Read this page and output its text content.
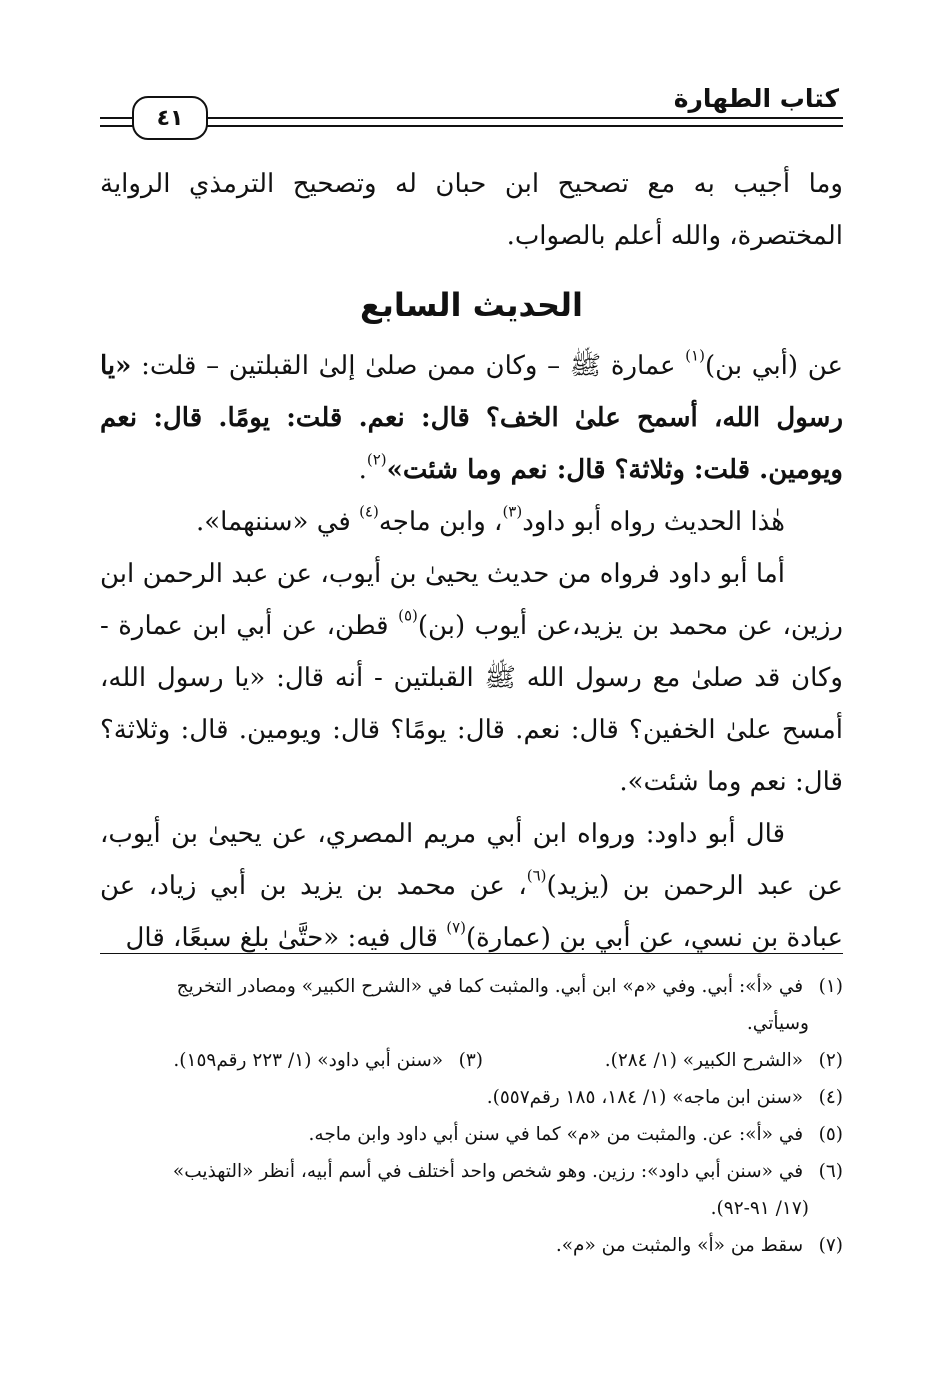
كتاب الطهارة
٤١

وما أجيب به مع تصحيح ابن حبان له وتصحيح الترمذي الرواية المختصرة، والله أعلم بالصواب.

الحديث السابع

عن (أبي بن)$^{(١)}$ عمارة ﷺ – وكان ممن صلىٰ إلىٰ القبلتين – قلت: «يا رسول الله، أسمح علىٰ الخف؟ قال: نعم. قلت: يومًا. قال: نعم ويومين. قلت: وثلاثة؟ قال: نعم وما شئت»$^{(٢)}$.

هٰذا الحديث رواه أبو داود$^{(٣)}$، وابن ماجه$^{(٤)}$ في «سننهما».

أما أبو داود فرواه من حديث يحيىٰ بن أيوب، عن عبد الرحمن ابن رزين، عن محمد بن يزيد،عن أيوب (بن)$^{(٥)}$ قطن، عن أبي ابن عمارة - وكان قد صلىٰ مع رسول الله ﷺ القبلتين - أنه قال: «يا رسول الله، أمسح علىٰ الخفين؟ قال: نعم. قال: يومًا؟ قال: ويومين. قال: وثلاثة؟ قال: نعم وما شئت».

قال أبو داود: ورواه ابن أبي مريم المصري، عن يحيىٰ بن أيوب، عن عبد الرحمن بن (يزيد)$^{(٦)}$، عن محمد بن يزيد بن أبي زياد، عن عبادة بن نسي، عن أبي بن (عمارة)$^{(٧)}$ قال فيه: «حتَّىٰ بلغ سبعًا، قال

(١) في «أ»: أبي. وفي «م» ابن أبي. والمثبت كما في «الشرح الكبير» ومصادر التخريج
وسيأتي.
(٢) «الشرح الكبير» (١/ ٢٨٤).
(٣) «سنن أبي داود» (١/ ٢٢٣ رقم١٥٩).
(٤) «سنن ابن ماجه» (١/ ١٨٤، ١٨٥ رقم٥٥٧).
(٥) في «أ»: عن. والمثبت من «م» كما في سنن أبي داود وابن ماجه.
(٦) في «سنن أبي داود»: رزين. وهو شخص واحد أختلف في أسم أبيه، أنظر «التهذيب»
(١٧/ ٩١-٩٢).
(٧) سقط من «أ» والمثبت من «م».
